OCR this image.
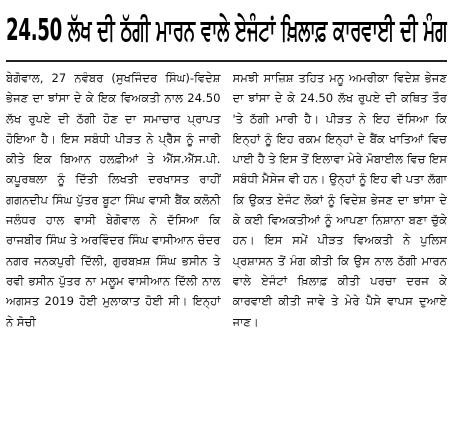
24.50 ਲੱਖ ਦੀ ਠੱਗੀ ਮਾਰਨ ਵਾਲੇ ਏਜੰਟਾਂ ਖ਼ਿਲਾਫ਼ ਕਾਰਵਾਈ ਦੀ ਮੰਗ

ਬੇਗੋਵਾਲ, 27 ਨਵੰਬਰ (ਸੁਖਜਿੰਦਰ ਸਿੰਘ)-ਵਿਦੇਸ਼ ਭੇਜਣ ਦਾ ਝਾਂਸਾ ਦੇ ਕੇ ਇਕ ਵਿਅਕਤੀ ਨਾਲ 24.50 ਲੱਖ ਰੁਪਏ ਦੀ ਠੱਗੀ ਹੋਣ ਦਾ ਸਮਾਚਾਰ ਪ੍ਰਾਪਤ ਹੋਇਆ ਹੈ। ਇਸ ਸਬੰਧੀ ਪੀੜਤ ਨੇ ਪ੍ਰੈੱਸ ਨੂੰ ਜਾਰੀ ਕੀਤੇ ਇਕ ਬਿਆਨ ਹਲਫ਼ੀਆਂ ਤੇ ਐੱਸ.ਐੱਸ.ਪੀ. ਕਪੂਰਥਲਾ ਨੂੰ ਦਿੱਤੀ ਲਿਖਤੀ ਦਰਖਾਸਤ ਰਾਹੀਂ ਗਗਨਦੀਪ ਸਿੰਘ ਪੁੱਤਰ ਬੂਟਾ ਸਿੰਘ ਵਾਸੀ ਬੈਂਕ ਕਲੋਨੀ ਜਲੰਧਰ ਹਾਲ ਵਾਸੀ ਬੇਗੋਵਾਲ ਨੇ ਦੱਸਿਆ ਕਿ ਰਾਜਬੀਰ ਸਿੰਘ ਤੇ ਅਰਵਿੰਦਰ ਸਿੰਘ ਵਾਸੀਆਨ ਚੰਦਰ ਨਗਰ ਜਨਕਪੁਰੀ ਦਿੱਲੀ, ਗੁਰਬਖ਼ਸ਼ ਸਿੰਘ ਭਸੀਨ ਤੇ ਰਵੀ ਭਸੀਨ ਪੁੱਤਰ ਨਾ ਮਲੂਮ ਵਾਸੀਆਨ ਦਿੱਲੀ ਨਾਲ ਅਗਸਤ 2019 ਹੋਈ ਮੁਲਾਕਾਤ ਹੋਈ ਸੀ। ਇਨ੍ਹਾਂ ਨੇ ਸੋਚੀ

ਸਮਝੀ ਸਾਜ਼ਿਸ਼ ਤਹਿਤ ਮਨੂ ਅਮਰੀਕਾ ਵਿਦੇਸ਼ ਭੇਜਣ ਦਾ ਝਾਂਸਾ ਦੇ ਕੇ 24.50 ਲੱਖ ਰੁਪਏ ਦੀ ਕਥਿਤ ਤੌਰ 'ਤੇ ਠੱਗੀ ਮਾਰੀ ਹੈ। ਪੀੜਤ ਨੇ ਇਹ ਦੱਸਿਆ ਕਿ ਇਨ੍ਹਾਂ ਨੂੰ ਇਹ ਰਕਮ ਇਨ੍ਹਾਂ ਦੇ ਬੈਂਕ ਖਾਤਿਆਂ ਵਿਚ ਪਾਈ ਹੈ ਤੇ ਇਸ ਤੋਂ ਇਲਾਵਾ ਮੇਰੇ ਮੋਬਾਈਲ ਵਿਚ ਇਸ ਸਬੰਧੀ ਮੈਸੇਜ ਵੀ ਹਨ। ਉਨ੍ਹਾਂ ਨੂੰ ਇਹ ਵੀ ਪਤਾ ਲੱਗਾ ਕਿ ਉਕਤ ਏਜੰਟ ਲੋਕਾਂ ਨੂੰ ਵਿਦੇਸ਼ ਭੇਜਣ ਦਾ ਝਾਂਸਾ ਦੇ ਕੇ ਕਈ ਵਿਅਕਤੀਆਂ ਨੂੰ ਆਪਣਾ ਨਿਸ਼ਾਨਾ ਬਣਾ ਚੁੱਕੇ ਹਨ। ਇਸ ਸਮੇਂ ਪੀੜਤ ਵਿਅਕਤੀ ਨੇ ਪੁਲਿਸ ਪ੍ਰਸ਼ਾਸਨ ਤੋਂ ਮੰਗ ਕੀਤੀ ਕਿ ਉਸ ਨਾਲ ਠੱਗੀ ਮਾਰਨ ਵਾਲੇ ਏਜੰਟਾਂ ਖ਼ਿਲਾਫ਼ ਕੀਤੀ ਪਰਚਾ ਦਰਜ ਕੇ ਕਾਰਵਾਈ ਕੀਤੀ ਜਾਵੇ ਤੇ ਮੇਰੇ ਪੈਸੇ ਵਾਪਸ ਦੁਆਏ ਜਾਣ।
